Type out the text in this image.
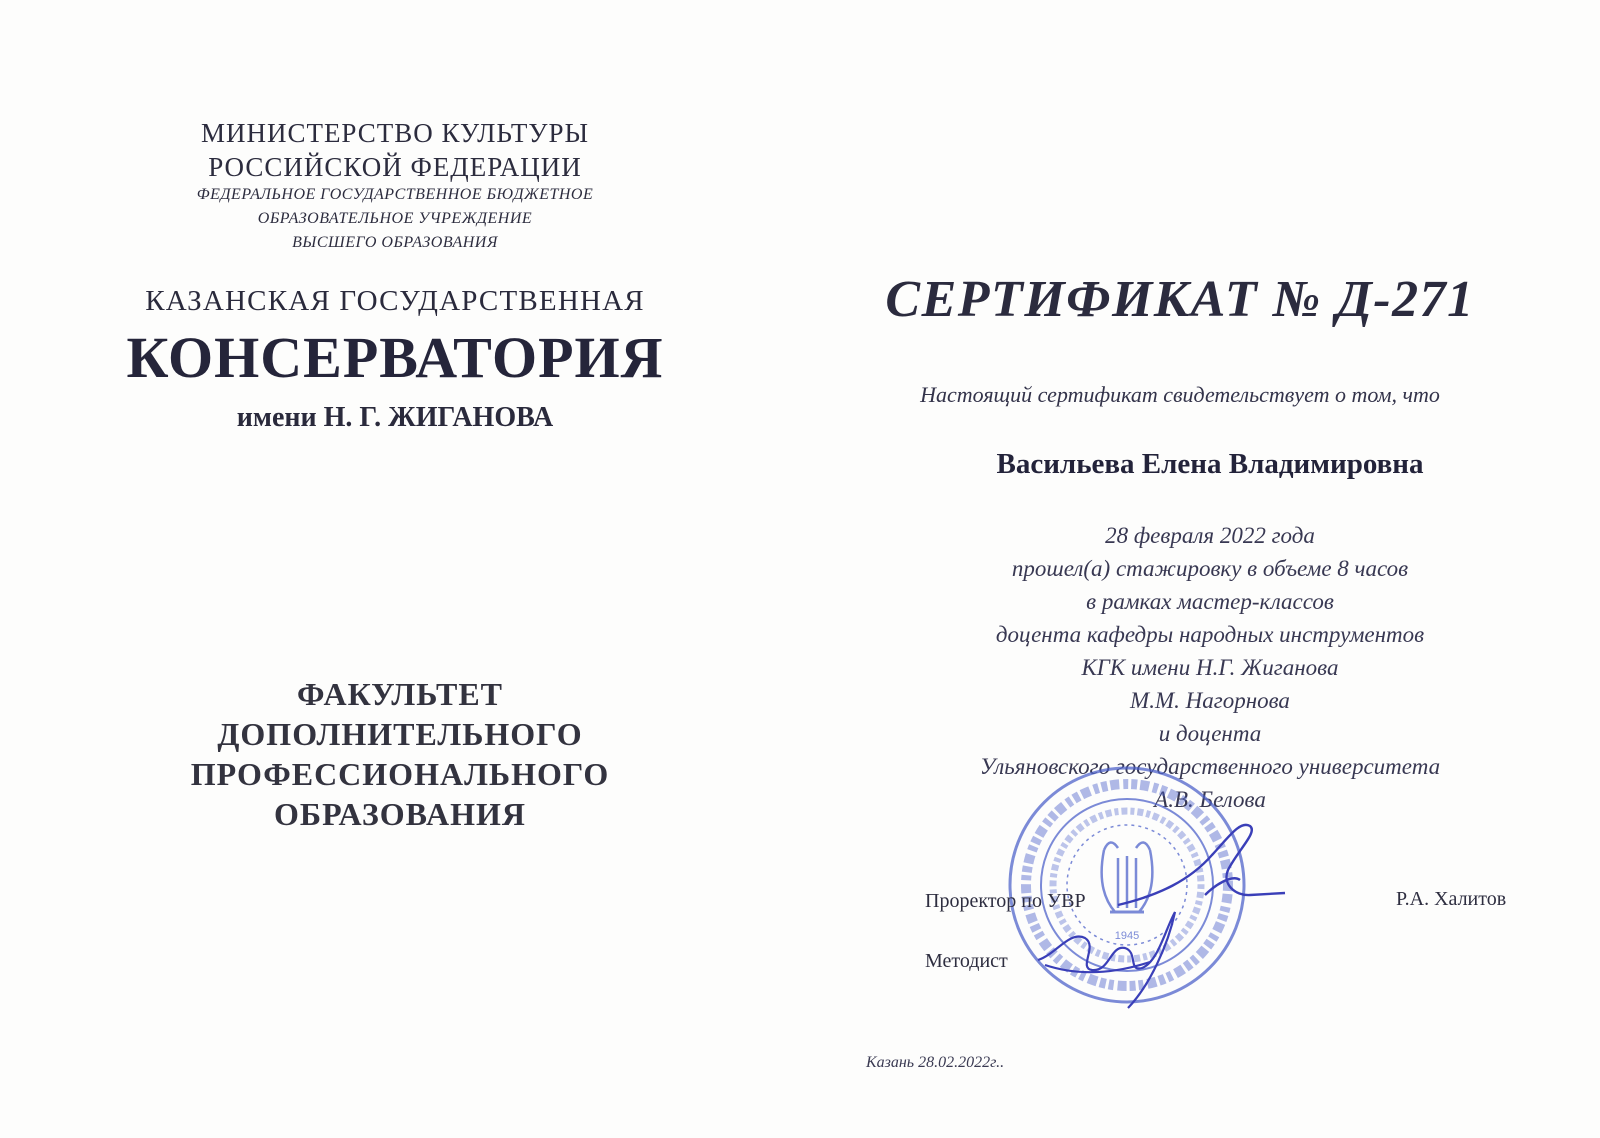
МИНИСТЕРСТВО КУЛЬТУРЫ
РОССИЙСКОЙ ФЕДЕРАЦИИ
ФЕДЕРАЛЬНОЕ ГОСУДАРСТВЕННОЕ БЮДЖЕТНОЕ
ОБРАЗОВАТЕЛЬНОЕ УЧРЕЖДЕНИЕ
ВЫСШЕГО ОБРАЗОВАНИЯ
КАЗАНСКАЯ ГОСУДАРСТВЕННАЯ
КОНСЕРВАТОРИЯ
имени Н. Г. ЖИГАНОВА
ФАКУЛЬТЕТ
ДОПОЛНИТЕЛЬНОГО
ПРОФЕССИОНАЛЬНОГО
ОБРАЗОВАНИЯ
СЕРТИФИКАТ № Д-271
Настоящий сертификат свидетельствует о том, что
Васильева Елена Владимировна
28 февраля 2022 года
прошел(а) стажировку в объеме 8 часов
в рамках мастер-классов
доцента кафедры народных инструментов
КГК имени Н.Г. Жиганова
М.М. Нагорнова
и доцента
Ульяновского государственного университета
А.В. Белова
1945
Проректор по УВР	Р.А. Халитов
Методист
Казань 28.02.2022г..
